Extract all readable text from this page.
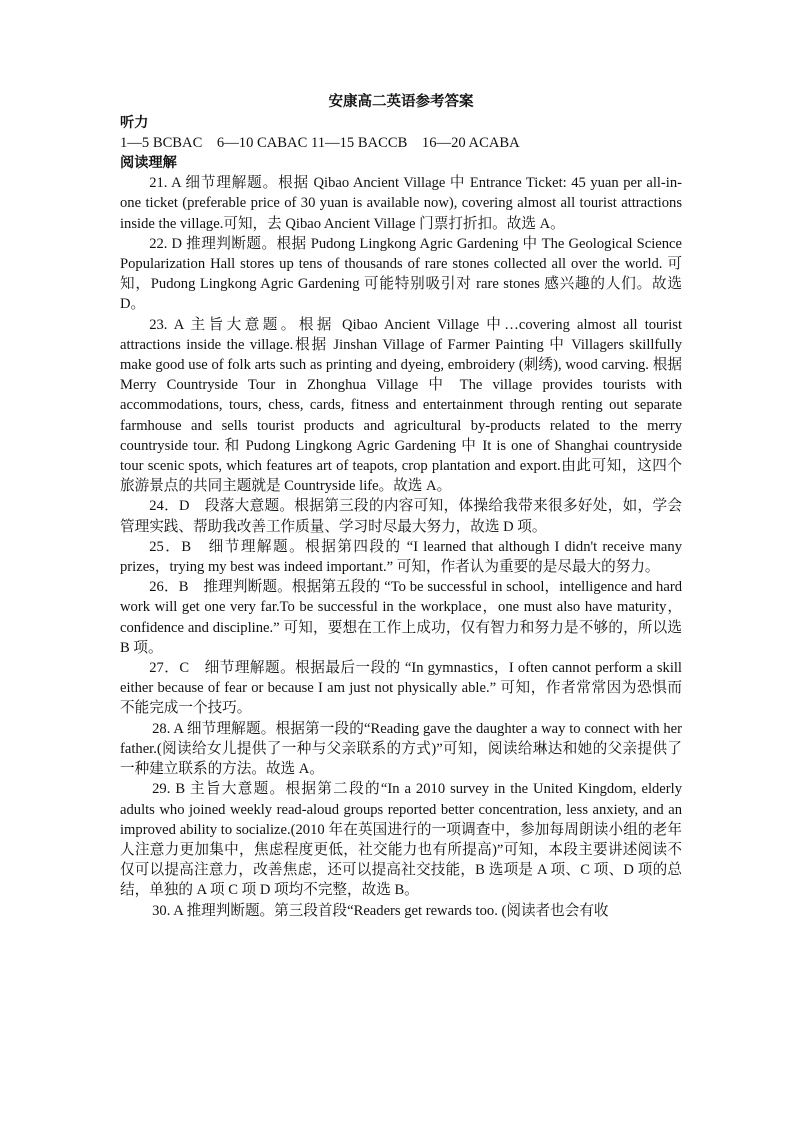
安康高二英语参考答案
听力
1—5 BCBAC    6—10 CABAC 11—15 BACCB    16—20 ACABA
阅读理解

21. A 细节理解题。根据 Qibao Ancient Village 中 Entrance Ticket: 45 yuan per all-in-one ticket (preferable price of 30 yuan is available now), covering almost all tourist attractions inside the village.可知，去 Qibao Ancient Village 门票打折扣。故选 A。

22. D 推理判断题。根据 Pudong Lingkong Agric Gardening 中 The Geological Science Popularization Hall stores up tens of thousands of rare stones collected all over the world. 可知，Pudong Lingkong Agric Gardening 可能特别吸引对 rare stones 感兴趣的人们。故选 D。

23. A 主旨大意题。根据 Qibao Ancient Village 中…covering almost all tourist attractions inside the village.根据 Jinshan Village of Farmer Painting 中 Villagers skillfully make good use of folk arts such as printing and dyeing, embroidery (刺绣), wood carving. 根据 Merry Countryside Tour in Zhonghua Village 中 The village provides tourists with accommodations, tours, chess, cards, fitness and entertainment through renting out separate farmhouse and sells tourist products and agricultural by-products related to the merry countryside tour. 和 Pudong Lingkong Agric Gardening 中 It is one of Shanghai countryside tour scenic spots, which features art of teapots, crop plantation and export.由此可知，这四个旅游景点的共同主题就是 Countryside life。故选 A。

24．D　段落大意题。根据第三段的内容可知，体操给我带来很多好处，如，学会管理实践、帮助我改善工作质量、学习时尽最大努力，故选 D 项。

25．B　细节理解题。根据第四段的 “I learned that although I didn't receive many prizes，trying my best was indeed important.” 可知，作者认为重要的是尽最大的努力。

26．B　推理判断题。根据第五段的 “To be successful in school，intelligence and hard work will get one very far.To be successful in the workplace，one must also have maturity，confidence and discipline.” 可知，要想在工作上成功，仅有智力和努力是不够的，所以选 B 项。

27．C　细节理解题。根据最后一段的 “In gymnastics，I often cannot perform a skill either because of fear or because I am just not physically able.” 可知，作者常常因为恐惧而不能完成一个技巧。

28. A 细节理解题。根据第一段的“Reading gave the daughter a way to connect with her father.(阅读给女儿提供了一种与父亲联系的方式)”可知，阅读给琳达和她的父亲提供了一种建立联系的方法。故选 A。

29. B 主旨大意题。根据第二段的“In a 2010 survey in the United Kingdom, elderly adults who joined weekly read-aloud groups reported better concentration, less anxiety, and an improved ability to socialize.(2010 年在英国进行的一项调查中，参加每周朗读小组的老年人注意力更加集中，焦虑程度更低，社交能力也有所提高)”可知，本段主要讲述阅读不仅可以提高注意力，改善焦虑，还可以提高社交技能，B 选项是 A 项、C 项、D 项的总结，单独的 A 项 C 项 D 项均不完整，故选 B。

30. A 推理判断题。第三段首段“Readers get rewards too. (阅读者也会有收
